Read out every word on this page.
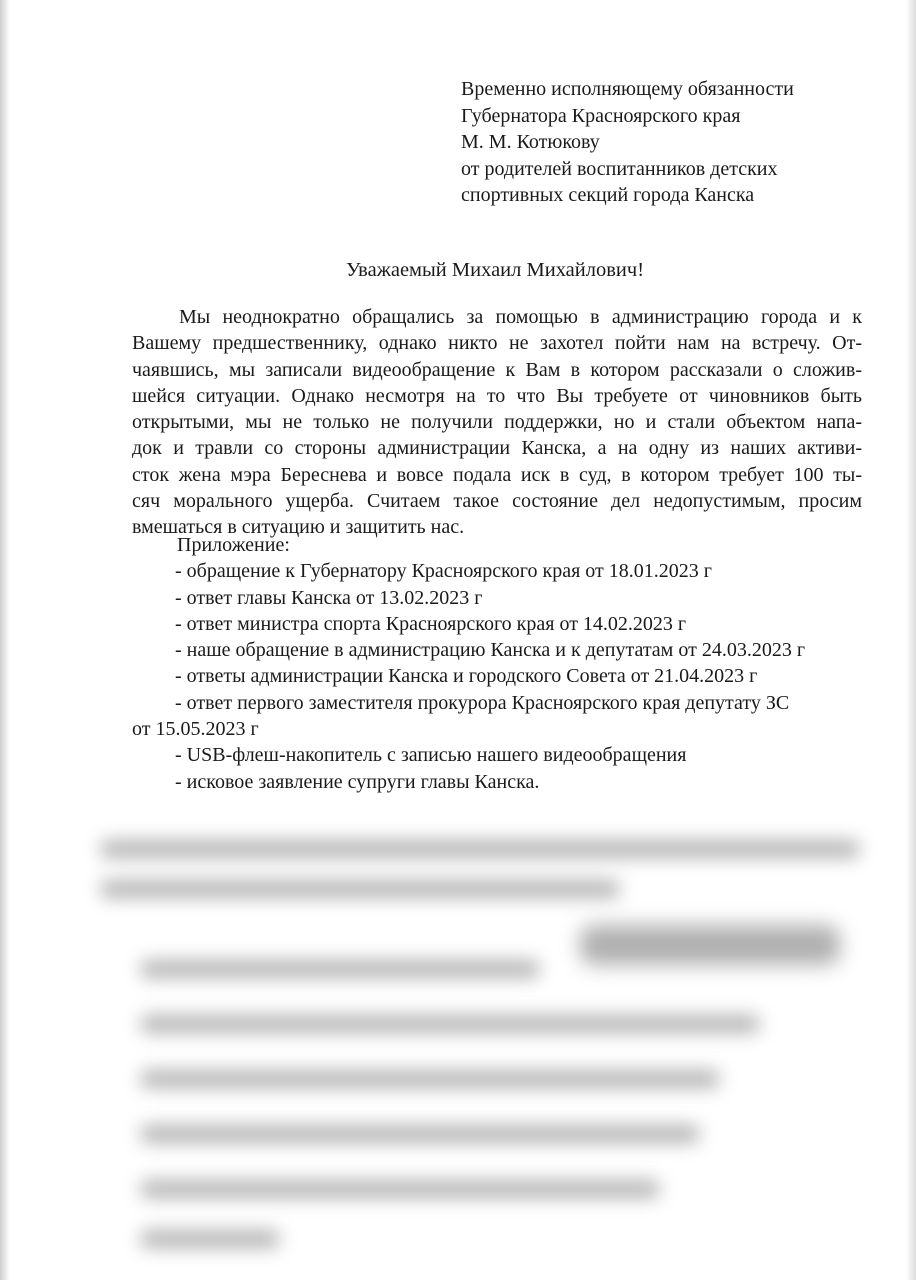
Временно исполняющему обязанности
Губернатора Красноярского края
М. М. Котюкову
от родителей воспитанников детских
спортивных секций города Канска
Уважаемый Михаил Михайлович!
Мы неоднократно обращались за помощью в администрацию города и к
Вашему предшественнику, однако никто не захотел пойти нам на встречу. От-
чаявшись, мы записали видеообращение к Вам в котором рассказали о сложив-
шейся ситуации. Однако несмотря на то что Вы требуете от чиновников быть
открытыми, мы не только не получили поддержки, но и стали объектом напа-
док и травли со стороны администрации Канска, а на одну из наших активи-
сток жена мэра Береснева и вовсе подала иск в суд, в котором требует 100 ты-
сяч морального ущерба. Считаем такое состояние дел недопустимым, просим
вмешаться в ситуацию и защитить нас.
Приложение:
- обращение к Губернатору Красноярского края от 18.01.2023 г
- ответ главы Канска от 13.02.2023 г
- ответ министра спорта Красноярского края от 14.02.2023 г
- наше обращение в администрацию Канска и к депутатам от 24.03.2023 г
- ответы администрации Канска и городского Совета от 21.04.2023 г
- ответ первого заместителя прокурора Красноярского края депутату ЗС
от 15.05.2023 г
- USB-флеш-накопитель с записью нашего видеообращения
- исковое заявление супруги главы Канска.
